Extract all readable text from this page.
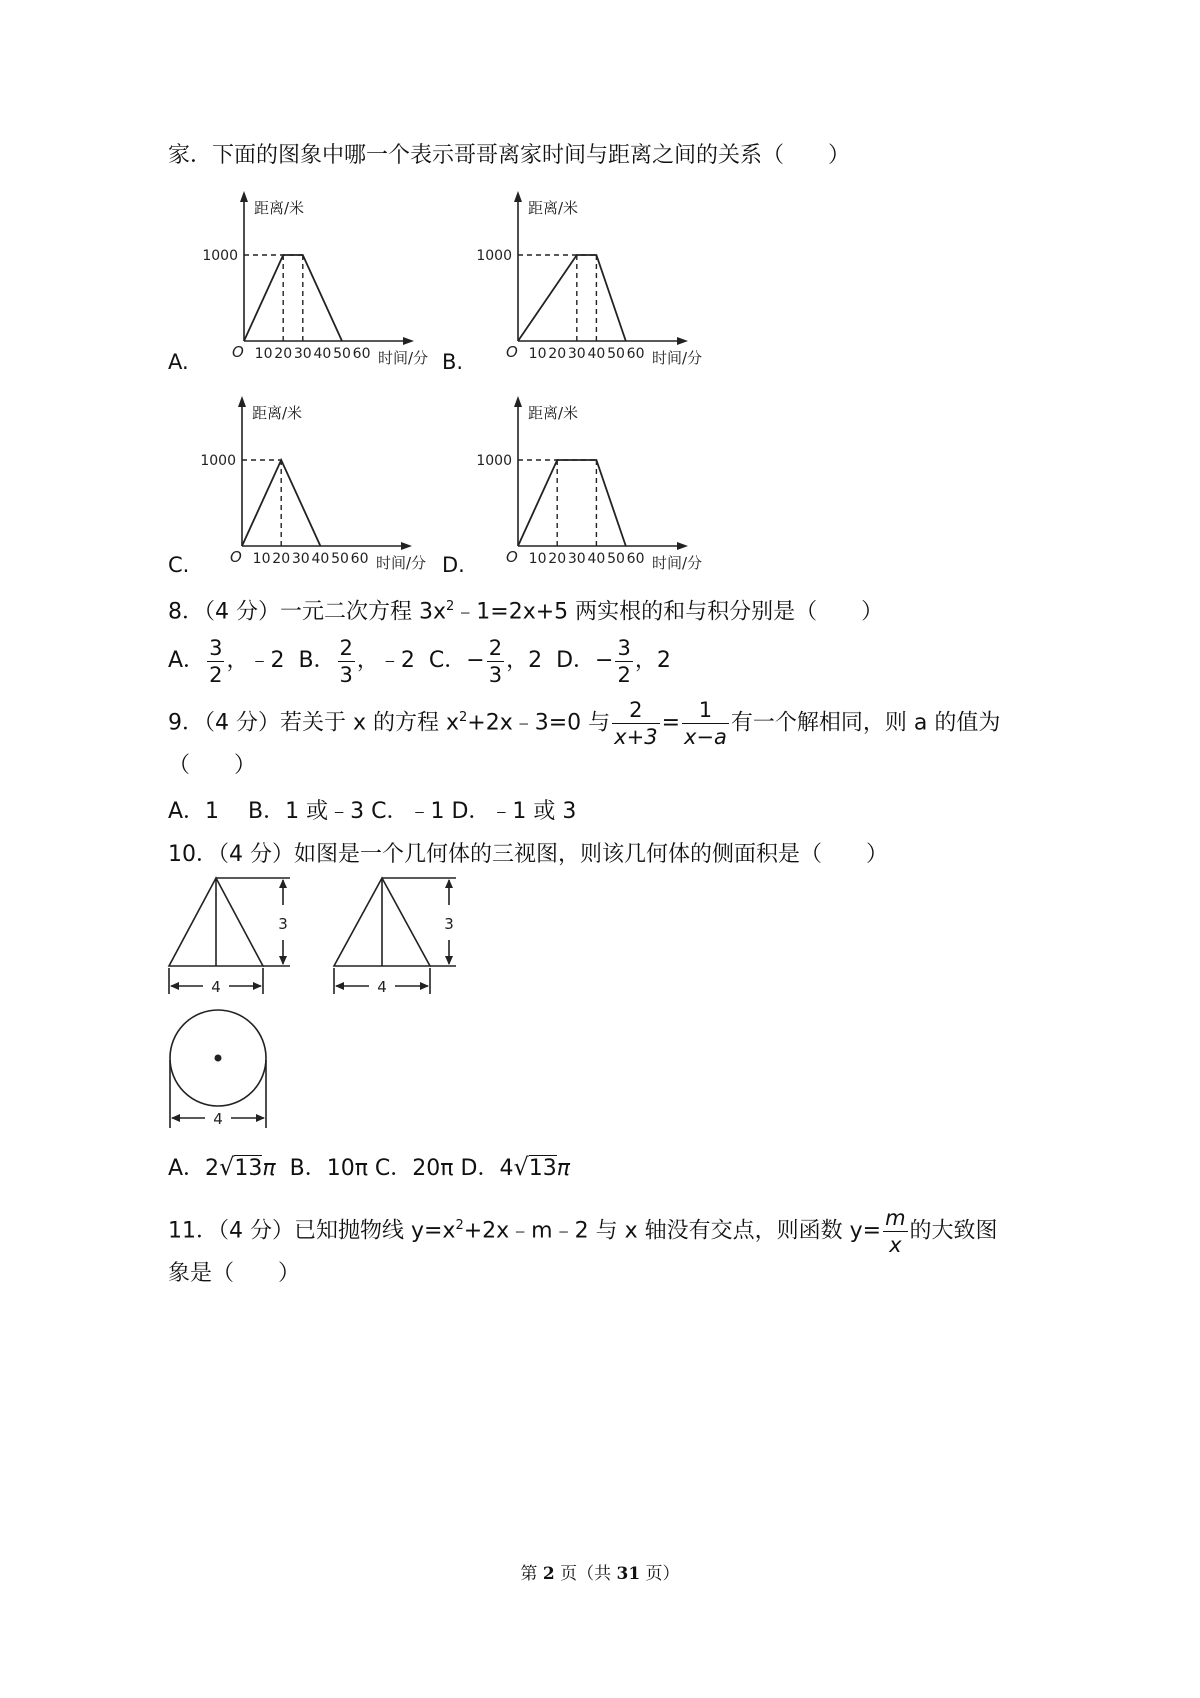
家．下面的图象中哪一个表示哥哥离家时间与距离之间的关系（　　）
A.	B.
C.	D.
距离/米
时间/分
O
1000
10 20 30 40 50 60
距离/米
时间/分
O
1000
10 20 30 40 50 60
距离/米
时间/分
O
1000
10 20 30 40 50 60
距离/米
时间/分
O
1000
10 20 30 40 50 60
8．（4 分）一元二次方程 $3x^2﹣1=2x+5$ 两实根的和与积分别是（　　）
A． $\frac{3}{2}$ ，﹣2 B． $\frac{2}{3}$ ，﹣2 C．− $\frac{2}{3}$ ，2 D．− $\frac{3}{2}$ ，2
9．（4 分）若关于 x 的方程 $x^2+2x﹣3=0$ 与 $\frac{2}{x+3} = \frac{1}{x-a}$ 有一个解相同，则 a 的值为
（　　）
A．1　 B．1 或﹣3 C．﹣1 D．﹣1 或 3
10．（4 分）如图是一个几何体的三视图，则该几何体的侧面积是（　　）
3
4
3
4
4
A．2√13π B．10π C．20π D．4√13π
11．（4 分）已知抛物线 $y=x^2+2x﹣m﹣2$ 与 x 轴没有交点，则函数 $y= \frac{m}{x}$ 的大致图
象是（　　）
第 2 页（共 31 页）
